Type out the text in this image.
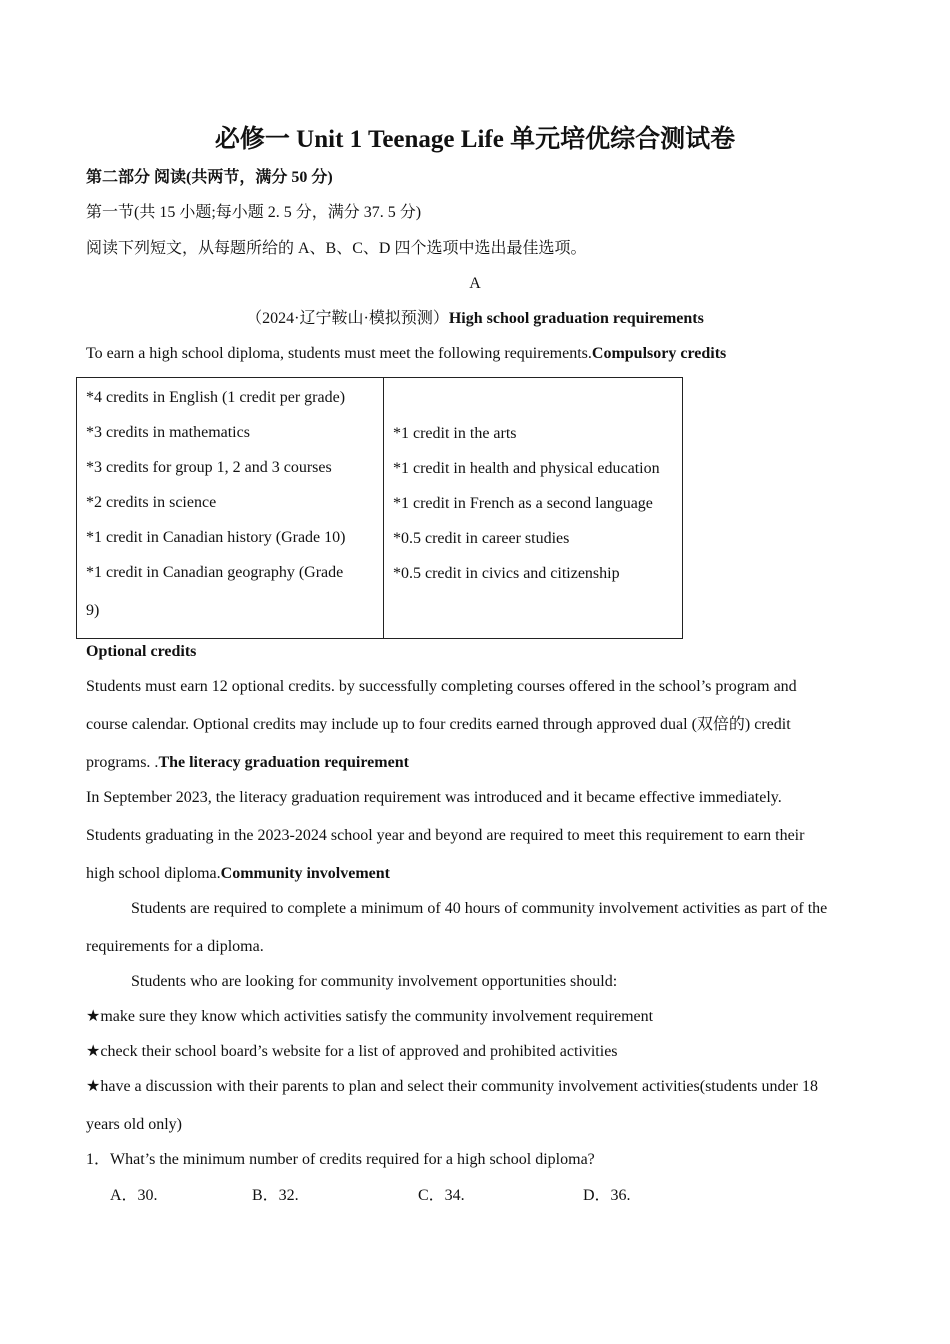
必修一 Unit 1 Teenage Life 单元培优综合测试卷
第二部分 阅读(共两节，满分 50 分)
第一节(共 15 小题;每小题 2. 5 分，满分 37. 5 分)
阅读下列短文，从每题所给的 A、B、C、D 四个选项中选出最佳选项。
A
（2024·辽宁鞍山·模拟预测）High school graduation requirements
To earn a high school diploma, students must meet the following requirements.Compulsory credits
*4 credits in English (1 credit per grade)
*3 credits in mathematics
*3 credits for group 1, 2 and 3 courses
*2 credits in science
*1 credit in Canadian history (Grade 10)
*1 credit in Canadian geography (Grade
9)

*1 credit in the arts
*1 credit in health and physical education
*1 credit in French as a second language
*0.5 credit in career studies
*0.5 credit in civics and citizenship
Optional credits
Students must earn 12 optional credits. by successfully completing courses offered in the school’s program and
course calendar. Optional credits may include up to four credits earned through approved dual (双倍的) credit
programs. .The literacy graduation requirement
In September 2023, the literacy graduation requirement was introduced and it became effective immediately.
Students graduating in the 2023-2024 school year and beyond are required to meet this requirement to earn their
high school diploma.Community involvement
Students are required to complete a minimum of 40 hours of community involvement activities as part of the
requirements for a diploma.
Students who are looking for community involvement opportunities should:
★make sure they know which activities satisfy the community involvement requirement
★check their school board’s website for a list of approved and prohibited activities
★have a discussion with their parents to plan and select their community involvement activities(students under 18
years old only)
1．What’s the minimum number of credits required for a high school diploma?
A．30.	B．32.	C．34.	D．36.
